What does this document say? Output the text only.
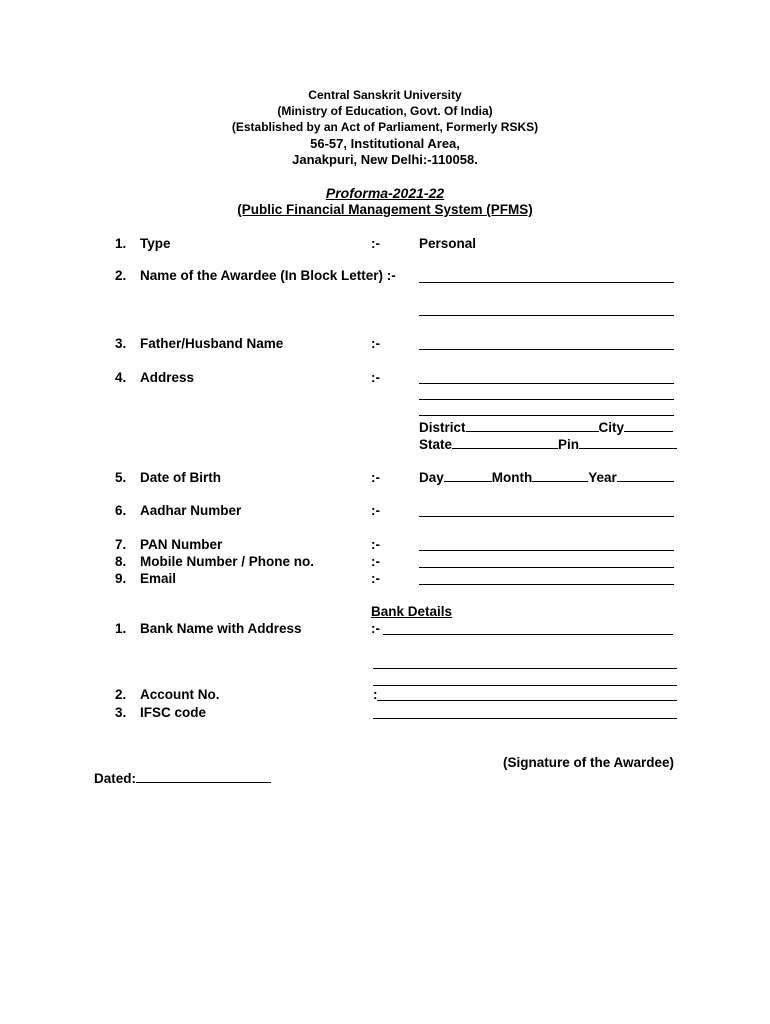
Central Sanskrit University
(Ministry of Education, Govt. Of India)
(Established by an Act of Parliament, Formerly RSKS)
56-57, Institutional Area,
Janakpuri, New Delhi:-110058.
Proforma-2021-22
(Public Financial Management System (PFMS)
1. Type	:-	Personal
2. Name of the Awardee (In Block Letter) :-
3. Father/Husband Name	:-
4. Address	:-
District	City
State	Pin
5. Date of Birth	:-	Day	Month	Year
6. Aadhar Number	:-
7. PAN Number	:-
8. Mobile Number / Phone no.	:-
9. Email	:-
Bank Details
1. Bank Name with Address	:-
2. Account No.	:
3. IFSC code
(Signature of the Awardee)
Dated:
